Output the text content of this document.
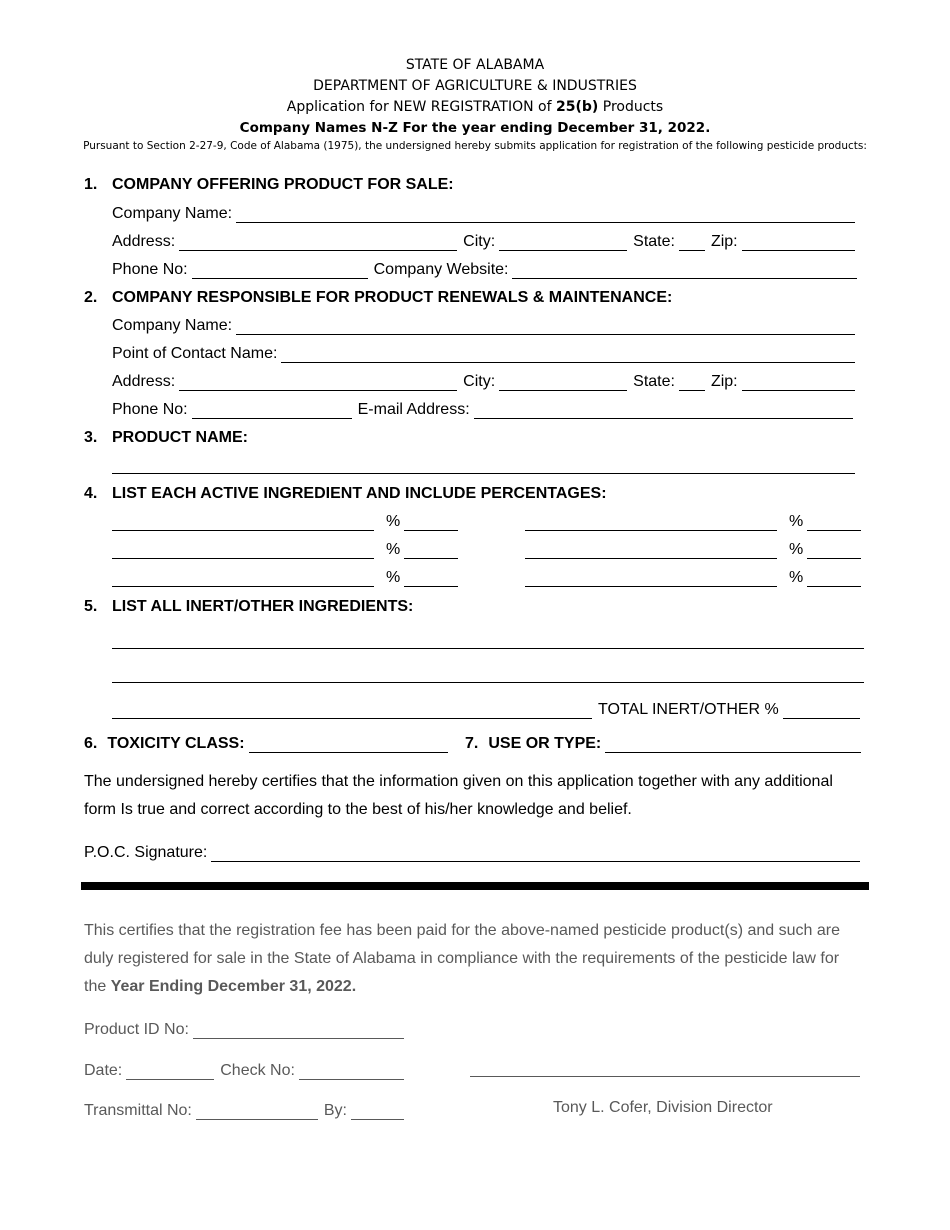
STATE OF ALABAMA
DEPARTMENT OF AGRICULTURE & INDUSTRIES
Application for NEW REGISTRATION of 25(b) Products
Company Names N-Z For the year ending December 31, 2022.
Pursuant to Section 2-27-9, Code of Alabama (1975), the undersigned hereby submits application for registration of the following pesticide products:
1. COMPANY OFFERING PRODUCT FOR SALE:
Company Name:
Address:	City:	State: Zip:
Phone No:	Company Website:
2. COMPANY RESPONSIBLE FOR PRODUCT RENEWALS & MAINTENANCE:
Company Name:
Point of Contact Name:
Address:	City:	State: Zip:
Phone No:	E-mail Address:
3. PRODUCT NAME:
4. LIST EACH ACTIVE INGREDIENT AND INCLUDE PERCENTAGES:
%	%
%	%
%	%
5. LIST ALL INERT/OTHER INGREDIENTS:
TOTAL INERT/OTHER %
6. TOXICITY CLASS:	7. USE OR TYPE:
The undersigned hereby certifies that the information given on this application together with any additional
form Is true and correct according to the best of his/her knowledge and belief.
P.O.C. Signature:
This certifies that the registration fee has been paid for the above-named pesticide product(s) and such are
duly registered for sale in the State of Alabama in compliance with the requirements of the pesticide law for
the Year Ending December 31, 2022.
Product ID No:
Date:	Check No:
Transmittal No:	By:	Tony L. Cofer, Division Director
